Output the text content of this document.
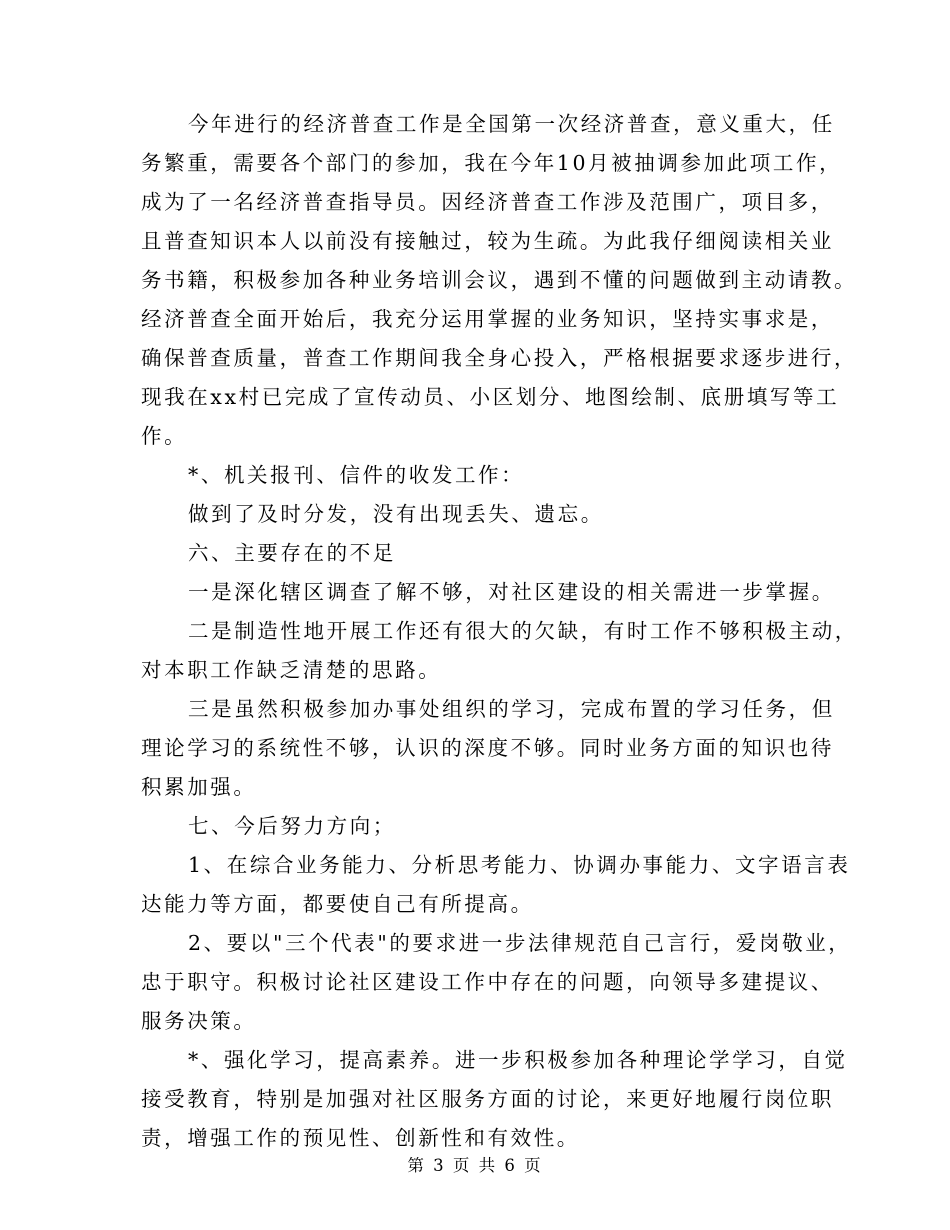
今年进行的经济普查工作是全国第一次经济普查，意义重大，任
务繁重，需要各个部门的参加，我在今年10月被抽调参加此项工作，
成为了一名经济普查指导员。因经济普查工作涉及范围广，项目多，
且普查知识本人以前没有接触过，较为生疏。为此我仔细阅读相关业
务书籍，积极参加各种业务培训会议，遇到不懂的问题做到主动请教。
经济普查全面开始后，我充分运用掌握的业务知识，坚持实事求是，
确保普查质量，普查工作期间我全身心投入，严格根据要求逐步进行，
现我在xx村已完成了宣传动员、小区划分、地图绘制、底册填写等工
作。
*、机关报刊、信件的收发工作：
做到了及时分发，没有出现丢失、遗忘。
六、主要存在的不足
一是深化辖区调查了解不够，对社区建设的相关需进一步掌握。
二是制造性地开展工作还有很大的欠缺，有时工作不够积极主动，
对本职工作缺乏清楚的思路。
三是虽然积极参加办事处组织的学习，完成布置的学习任务，但
理论学习的系统性不够，认识的深度不够。同时业务方面的知识也待
积累加强。
七、今后努力方向；
1、在综合业务能力、分析思考能力、协调办事能力、文字语言表
达能力等方面，都要使自己有所提高。
2、要以"三个代表"的要求进一步法律规范自己言行，爱岗敬业，
忠于职守。积极讨论社区建设工作中存在的问题，向领导多建提议、
服务决策。
*、强化学习，提高素养。进一步积极参加各种理论学学习，自觉
接受教育，特别是加强对社区服务方面的讨论，来更好地履行岗位职
责，增强工作的预见性、创新性和有效性。
第 3 页 共 6 页
